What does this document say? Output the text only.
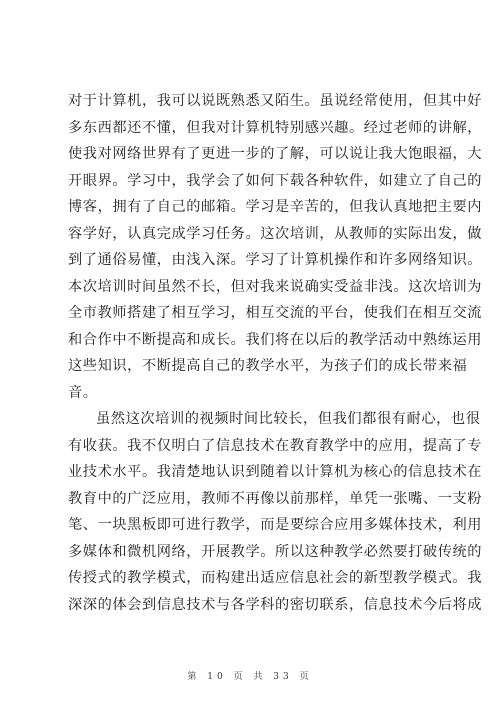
对于计算机，我可以说既熟悉又陌生。虽说经常使用，但其中好
多东西都还不懂，但我对计算机特别感兴趣。经过老师的讲解，
使我对网络世界有了更进一步的了解，可以说让我大饱眼福，大
开眼界。学习中，我学会了如何下载各种软件，如建立了自己的
博客，拥有了自己的邮箱。学习是辛苦的，但我认真地把主要内
容学好，认真完成学习任务。这次培训，从教师的实际出发，做
到了通俗易懂，由浅入深。学习了计算机操作和许多网络知识。
本次培训时间虽然不长，但对我来说确实受益非浅。这次培训为
全市教师搭建了相互学习，相互交流的平台，使我们在相互交流
和合作中不断提高和成长。我们将在以后的教学活动中熟练运用
这些知识，不断提高自己的教学水平，为孩子们的成长带来福
音。
虽然这次培训的视频时间比较长，但我们都很有耐心，也很
有收获。我不仅明白了信息技术在教育教学中的应用，提高了专
业技术水平。我清楚地认识到随着以计算机为核心的信息技术在
教育中的广泛应用，教师不再像以前那样，单凭一张嘴、一支粉
笔、一块黑板即可进行教学，而是要综合应用多媒体技术，利用
多媒体和微机网络，开展教学。所以这种教学必然要打破传统的
传授式的教学模式，而构建出适应信息社会的新型教学模式。我
深深的体会到信息技术与各学科的密切联系，信息技术今后将成
第 10 页 共 33 页
